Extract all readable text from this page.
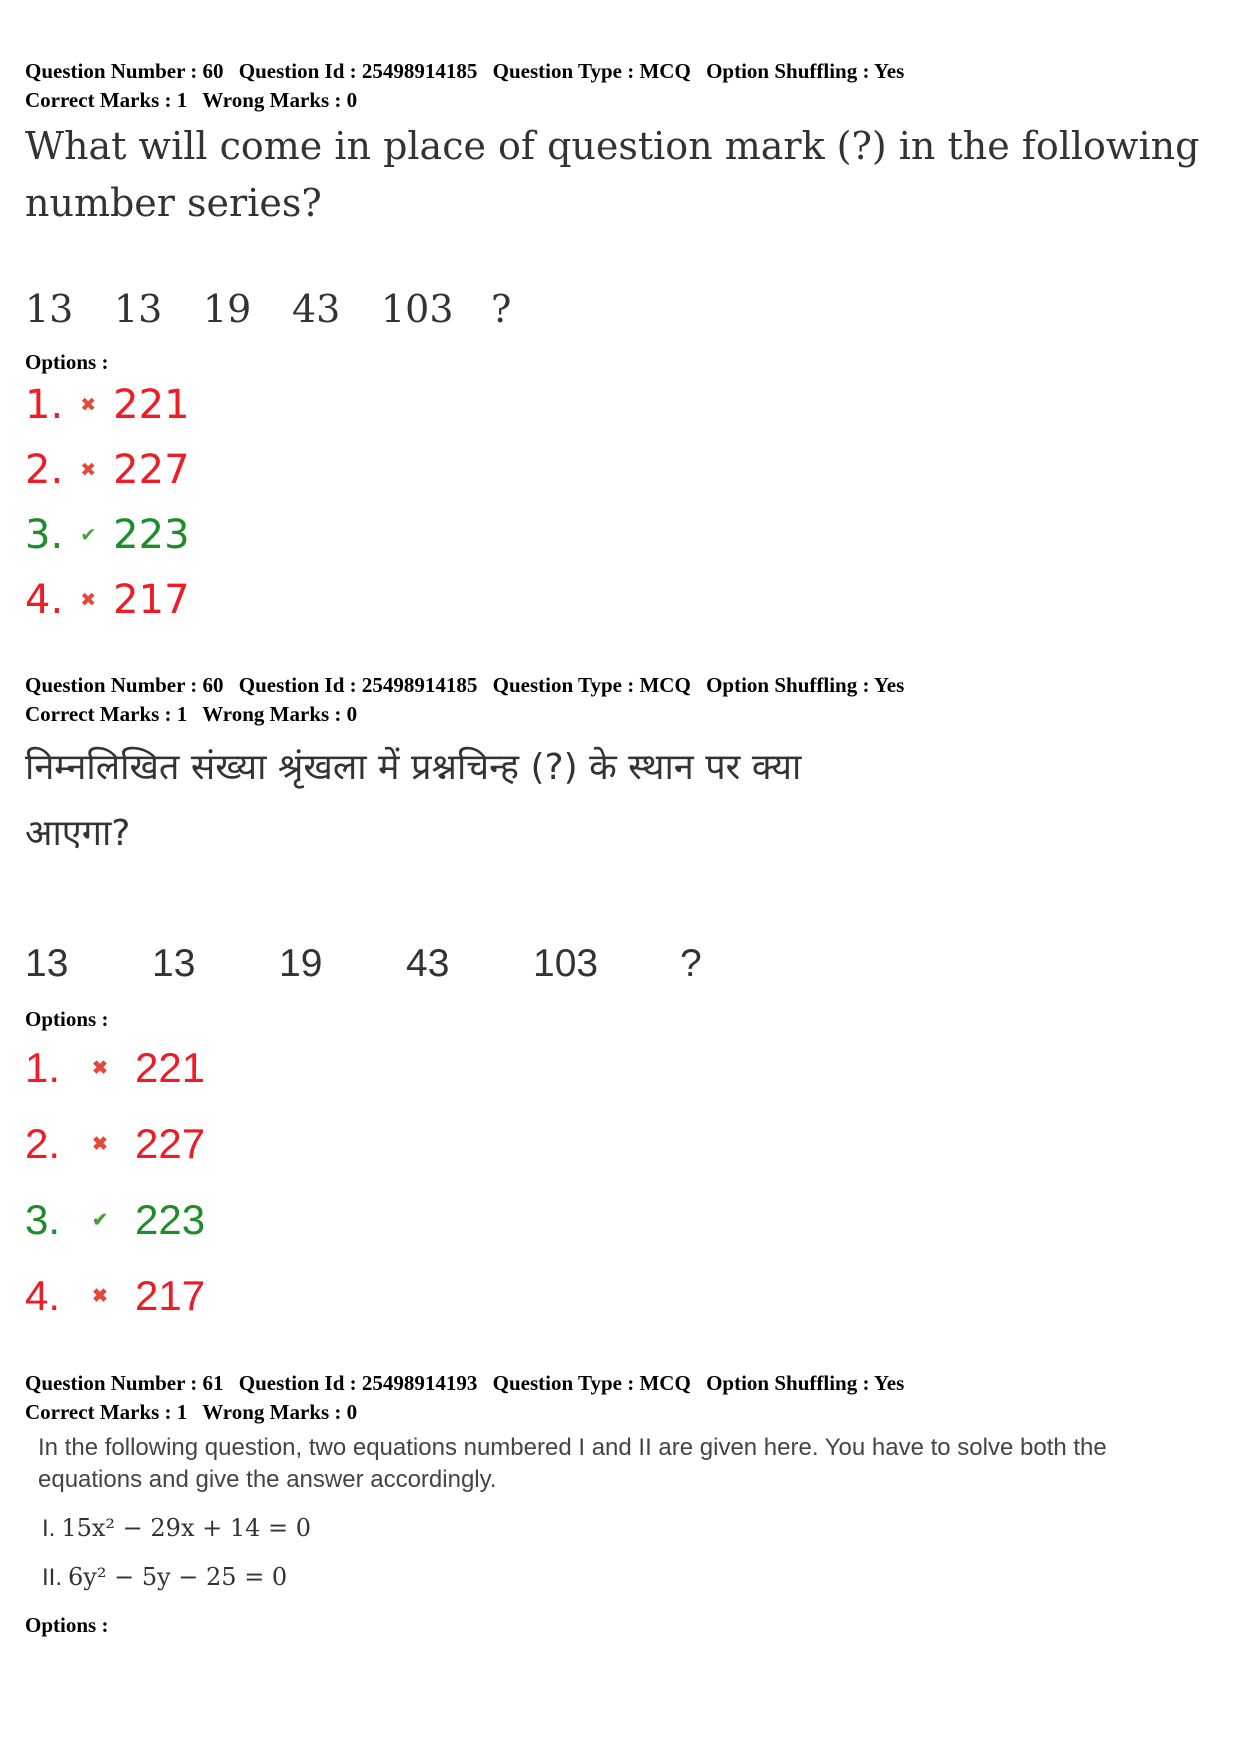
Question Number : 60 Question Id : 25498914185 Question Type : MCQ Option Shuffling : Yes
Correct Marks : 1 Wrong Marks : 0
What will come in place of question mark (?) in the following
number series?
13	13	19	43	103 ?
Options :
1. ✖ 221
2. ✖ 227
3. ✔ 223
4. ✖ 217
Question Number : 60 Question Id : 25498914185 Question Type : MCQ Option Shuffling : Yes
Correct Marks : 1 Wrong Marks : 0
निम्नलिखित संख्या श्रृंखला में प्रश्नचिन्ह (?) के स्थान पर क्या
आएगा?
13	13	19	43	103	?
Options :
1.	✖ 221
2.	✖ 227
3.	✔ 223
4.	✖ 217
Question Number : 61 Question Id : 25498914193 Question Type : MCQ Option Shuffling : Yes
Correct Marks : 1 Wrong Marks : 0
In the following question, two equations numbered I and II are given here. You have to solve both the equations and give the answer accordingly.
I. 15x² − 29x + 14 = 0
II. 6y² − 5y − 25 = 0
Options :
